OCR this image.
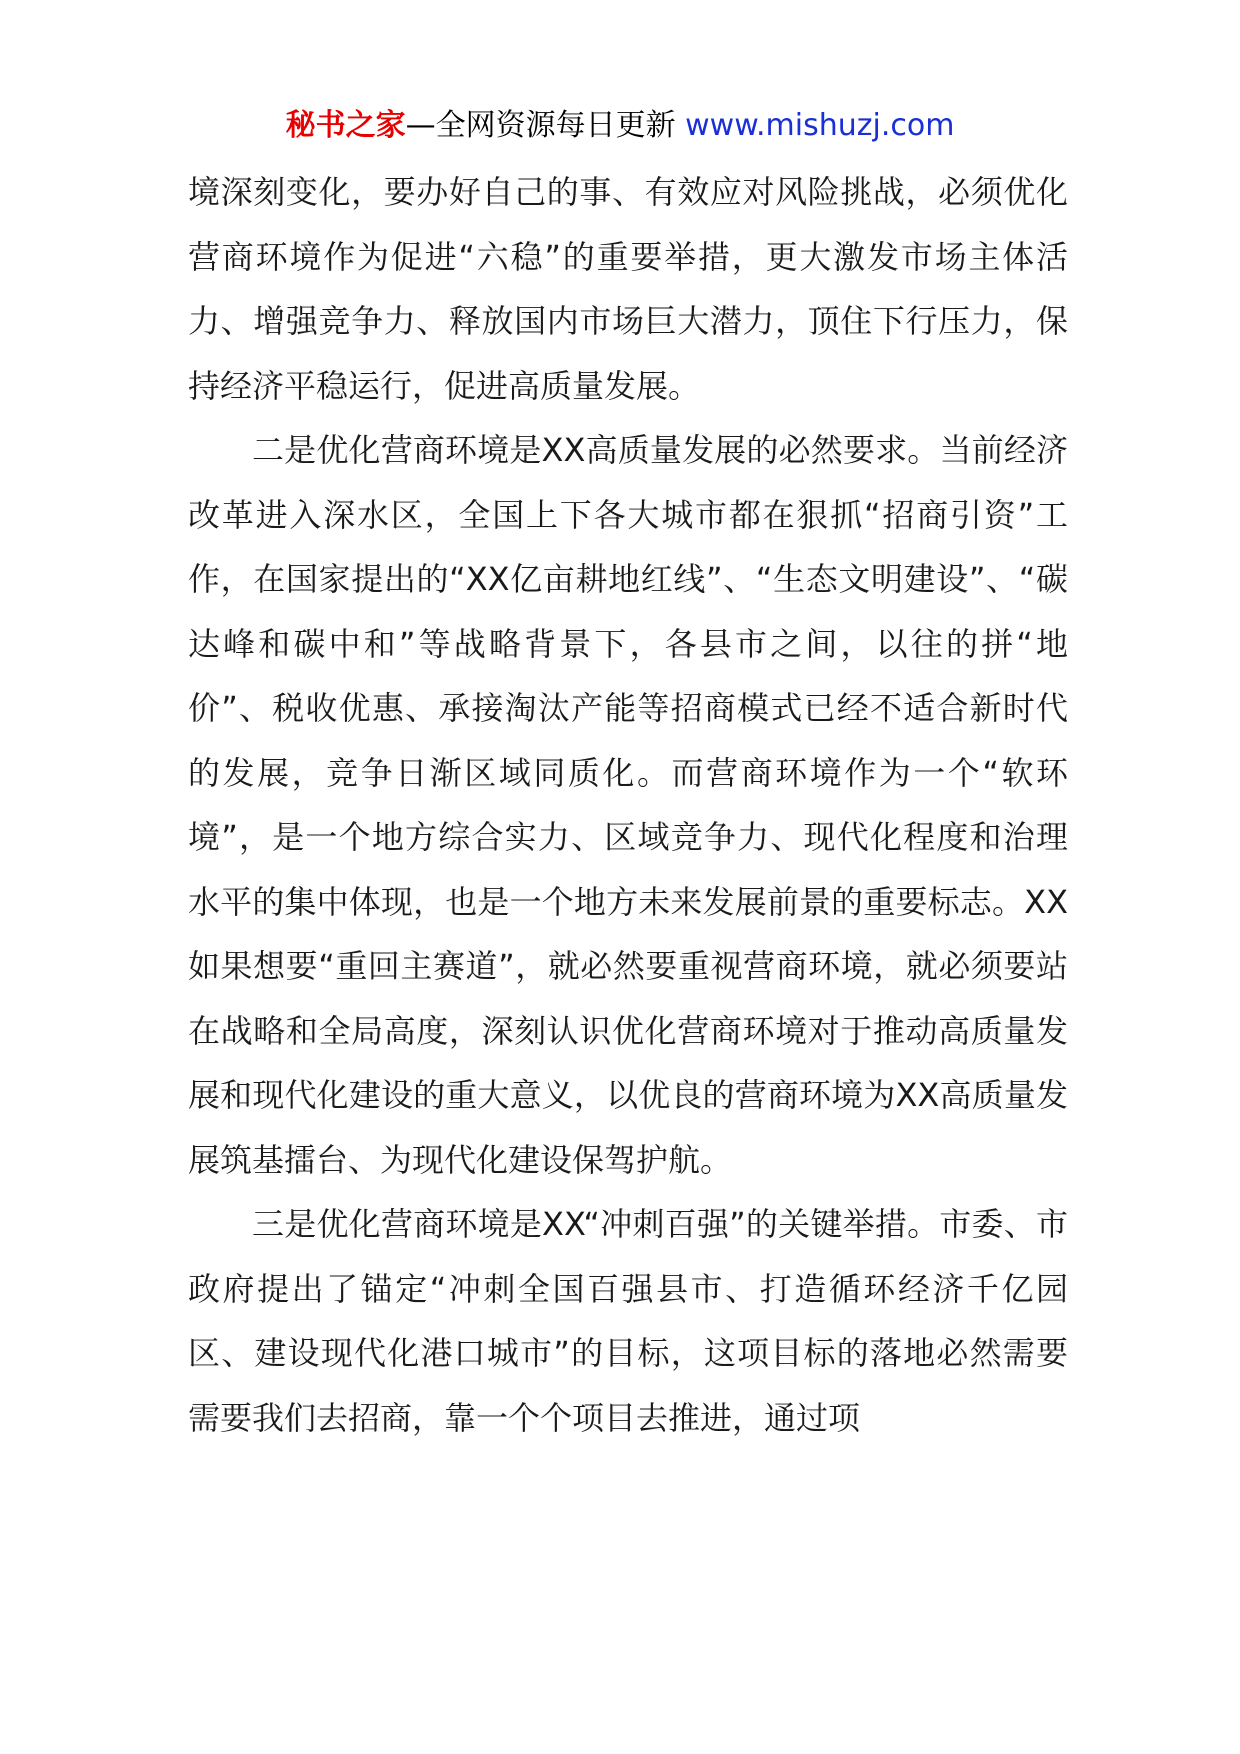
秘书之家—全网资源每日更新 www.mishuzj.com

境深刻变化，要办好自己的事、有效应对风险挑战，必须优化营商环境作为促进“六稳”的重要举措，更大激发市场主体活力、增强竞争力、释放国内市场巨大潜力，顶住下行压力，保持经济平稳运行，促进高质量发展。

二是优化营商环境是XX高质量发展的必然要求。当前经济改革进入深水区，全国上下各大城市都在狠抓“招商引资”工作，在国家提出的“XX亿亩耕地红线”、“生态文明建设”、“碳达峰和碳中和”等战略背景下，各县市之间，以往的拼“地价”、税收优惠、承接淘汰产能等招商模式已经不适合新时代的发展，竞争日渐区域同质化。而营商环境作为一个“软环境”，是一个地方综合实力、区域竞争力、现代化程度和治理水平的集中体现，也是一个地方未来发展前景的重要标志。XX如果想要“重回主赛道”，就必然要重视营商环境，就必须要站在战略和全局高度，深刻认识优化营商环境对于推动高质量发展和现代化建设的重大意义，以优良的营商环境为XX高质量发展筑基擂台、为现代化建设保驾护航。

三是优化营商环境是XX“冲刺百强”的关键举措。市委、市政府提出了锚定“冲刺全国百强县市、打造循环经济千亿园区、建设现代化港口城市”的目标，这项目标的落地必然需要需要我们去招商，靠一个个项目去推进，通过项
